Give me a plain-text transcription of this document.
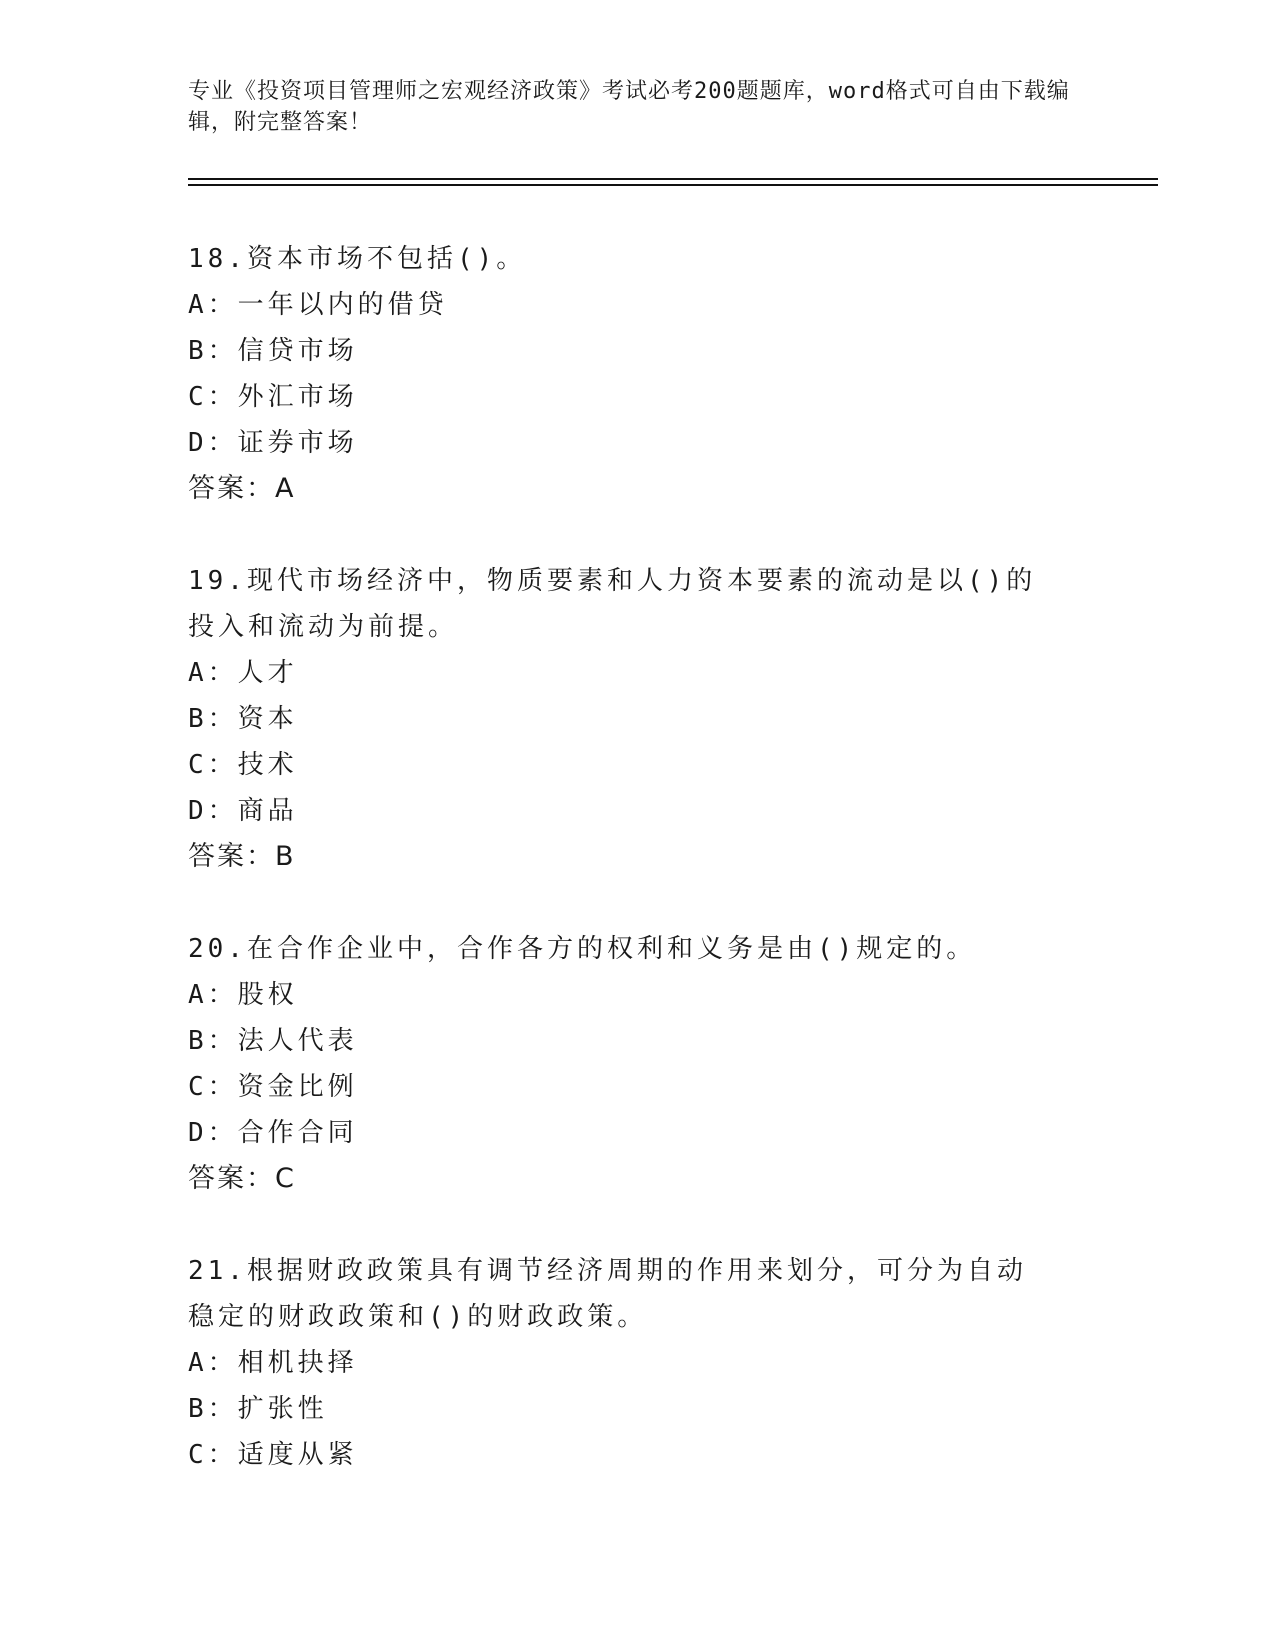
专业《投资项目管理师之宏观经济政策》考试必考200题题库，word格式可自由下载编辑，附完整答案！
18.资本市场不包括()。
A：一年以内的借贷
B：信贷市场
C：外汇市场
D：证券市场
答案：A
19.现代市场经济中，物质要素和人力资本要素的流动是以()的投入和流动为前提。
A：人才
B：资本
C：技术
D：商品
答案：B
20.在合作企业中，合作各方的权利和义务是由()规定的。
A：股权
B：法人代表
C：资金比例
D：合作合同
答案：C
21.根据财政政策具有调节经济周期的作用来划分，可分为自动稳定的财政政策和()的财政政策。
A：相机抉择
B：扩张性
C：适度从紧
